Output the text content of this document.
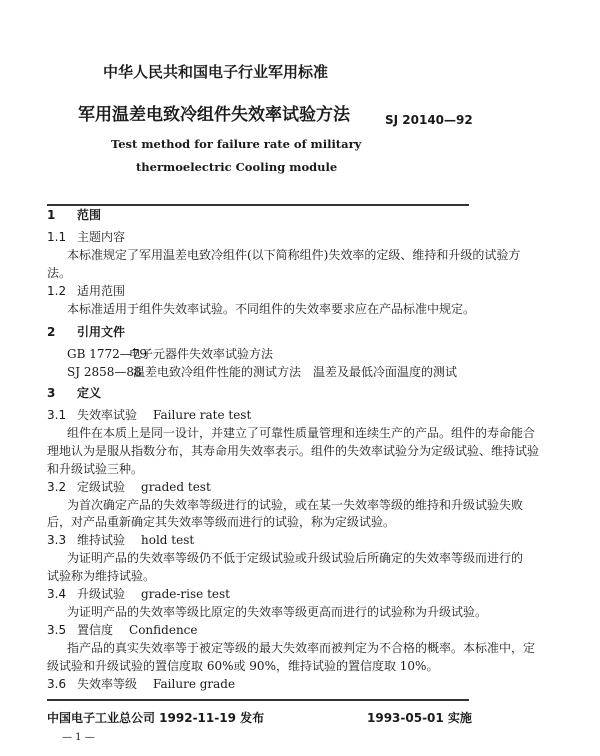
中华人民共和国电子行业军用标准
军用温差电致冷组件失效率试验方法	SJ 20140—92
Test method for failure rate of military
thermoelectric Cooling module
1 范围
1.1 主题内容
本标准规定了军用温差电致冷组件(以下简称组件)失效率的定级、维持和升级的试验方
法。
1.2 适用范围
本标准适用于组件失效率试验。不同组件的失效率要求应在产品标准中规定。
2 引用文件
GB 1772—79电子元器件失效率试验方法
SJ 2858—88温差电致冷组件性能的测试方法　温差及最低冷面温度的测试
3 定义
3.1 失效率试验 Failure rate test
组件在本质上是同一设计，并建立了可靠性质量管理和连续生产的产品。组件的寿命能合
理地认为是服从指数分布，其寿命用失效率表示。组件的失效率试验分为定级试验、维持试验
和升级试验三种。
3.2 定级试验 graded test
为首次确定产品的失效率等级进行的试验，或在某一失效率等级的维持和升级试验失败
后，对产品重新确定其失效率等级而进行的试验，称为定级试验。
3.3 维持试验 hold test
为证明产品的失效率等级仍不低于定级试验或升级试验后所确定的失效率等级而进行的
试验称为维持试验。
3.4 升级试验 grade-rise test
为证明产品的失效率等级比原定的失效率等级更高而进行的试验称为升级试验。
3.5 置信度 Confidence
指产品的真实失效率等于被定等级的最大失效率而被判定为不合格的概率。本标准中，定
级试验和升级试验的置信度取 60%或 90%，维持试验的置信度取 10%。
3.6 失效率等级 Failure grade
中国电子工业总公司 1992-11-19 发布	1993-05-01 实施
— 1 —
